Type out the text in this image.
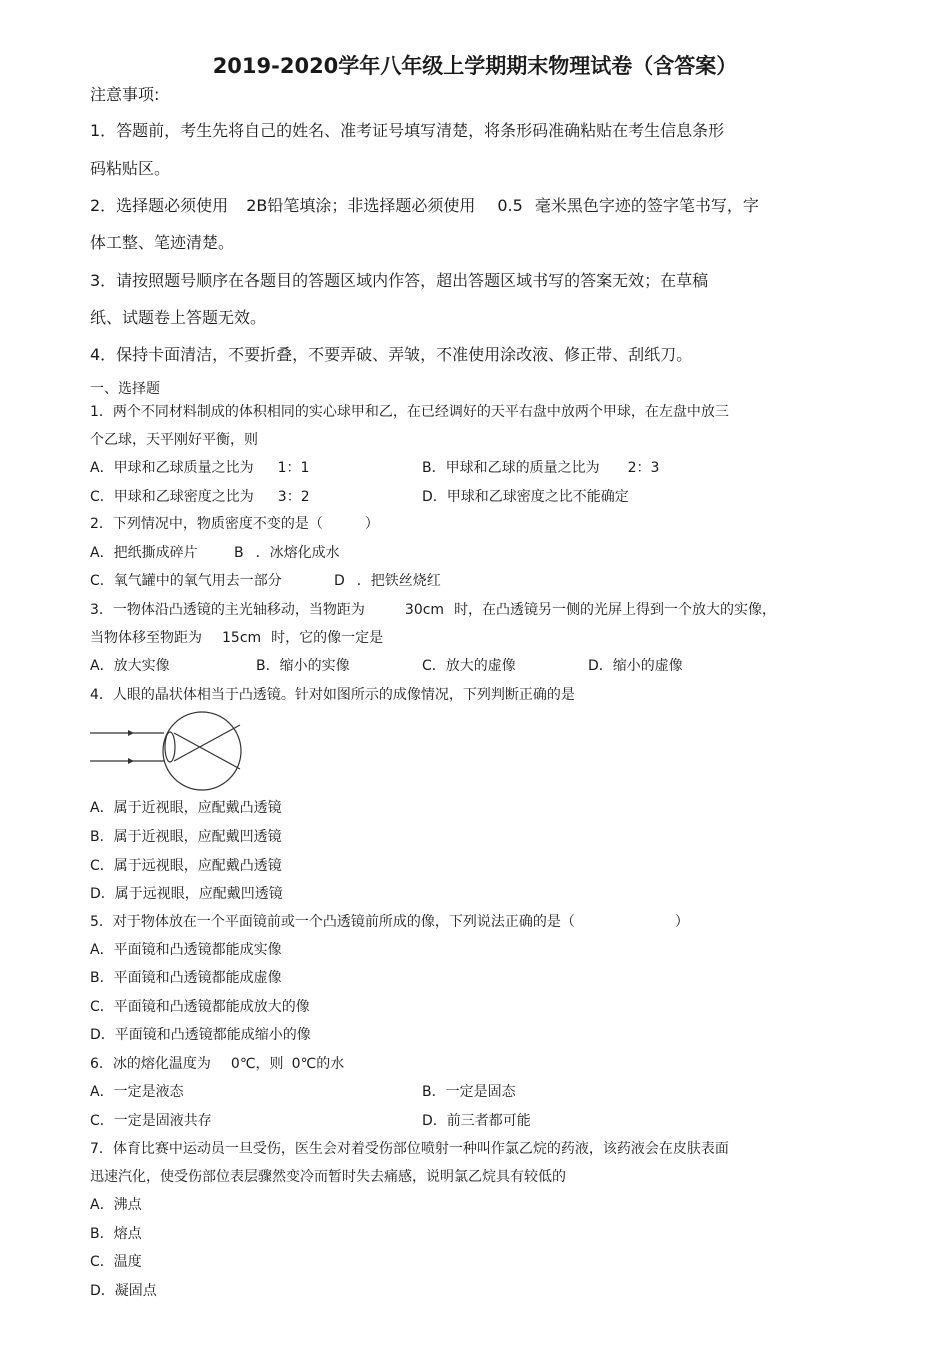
2019-2020学年八年级上学期期末物理试卷（含答案）
注意事项:
1．答题前，考生先将自己的姓名、准考证号填写清楚，将条形码准确粘贴在考生信息条形
码粘贴区。
2．选择题必须使用 2B铅笔填涂；非选择题必须使用 0.5 毫米黑色字迹的签字笔书写，字
体工整、笔迹清楚。
3．请按照题号顺序在各题目的答题区域内作答，超出答题区域书写的答案无效；在草稿
纸、试题卷上答题无效。
4．保持卡面清洁，不要折叠，不要弄破、弄皱，不准使用涂改液、修正带、刮纸刀。
一、选择题
1．两个不同材料制成的体积相同的实心球甲和乙，在已经调好的天平右盘中放两个甲球，在左盘中放三
个乙球，天平刚好平衡，则
A．甲球和乙球质量之比为 1：1	B．甲球和乙球的质量之比为 2：3
C．甲球和乙球密度之比为 3：2	D．甲球和乙球密度之比不能确定
2．下列情况中，物质密度不变的是（　　　）
A．把纸撕成碎片	B ．冰熔化成水
C．氧气罐中的氧气用去一部分	D ．把铁丝烧红
3．一物体沿凸透镜的主光轴移动，当物距为	30cm 时，在凸透镜另一侧的光屏上得到一个放大的实像，
当物体移至物距为 15cm 时，它的像一定是
A．放大实像	B．缩小的实像	C．放大的虚像	D．缩小的虚像
4．人眼的晶状体相当于凸透镜。针对如图所示的成像情况，下列判断正确的是
A．属于近视眼，应配戴凸透镜
B．属于近视眼，应配戴凹透镜
C．属于远视眼，应配戴凸透镜
D．属于远视眼，应配戴凹透镜
5．对于物体放在一个平面镜前或一个凸透镜前所成的像，下列说法正确的是（	）
A．平面镜和凸透镜都能成实像
B．平面镜和凸透镜都能成虚像
C．平面镜和凸透镜都能成放大的像
D．平面镜和凸透镜都能成缩小的像
6．冰的熔化温度为 0℃，则 0℃的水
A．一定是液态	B．一定是固态
C．一定是固液共存	D．前三者都可能
7．体育比赛中运动员一旦受伤，医生会对着受伤部位喷射一种叫作氯乙烷的药液，该药液会在皮肤表面
迅速汽化，使受伤部位表层骤然变冷而暂时失去痛感，说明氯乙烷具有较低的
A．沸点
B．熔点
C．温度
D．凝固点
